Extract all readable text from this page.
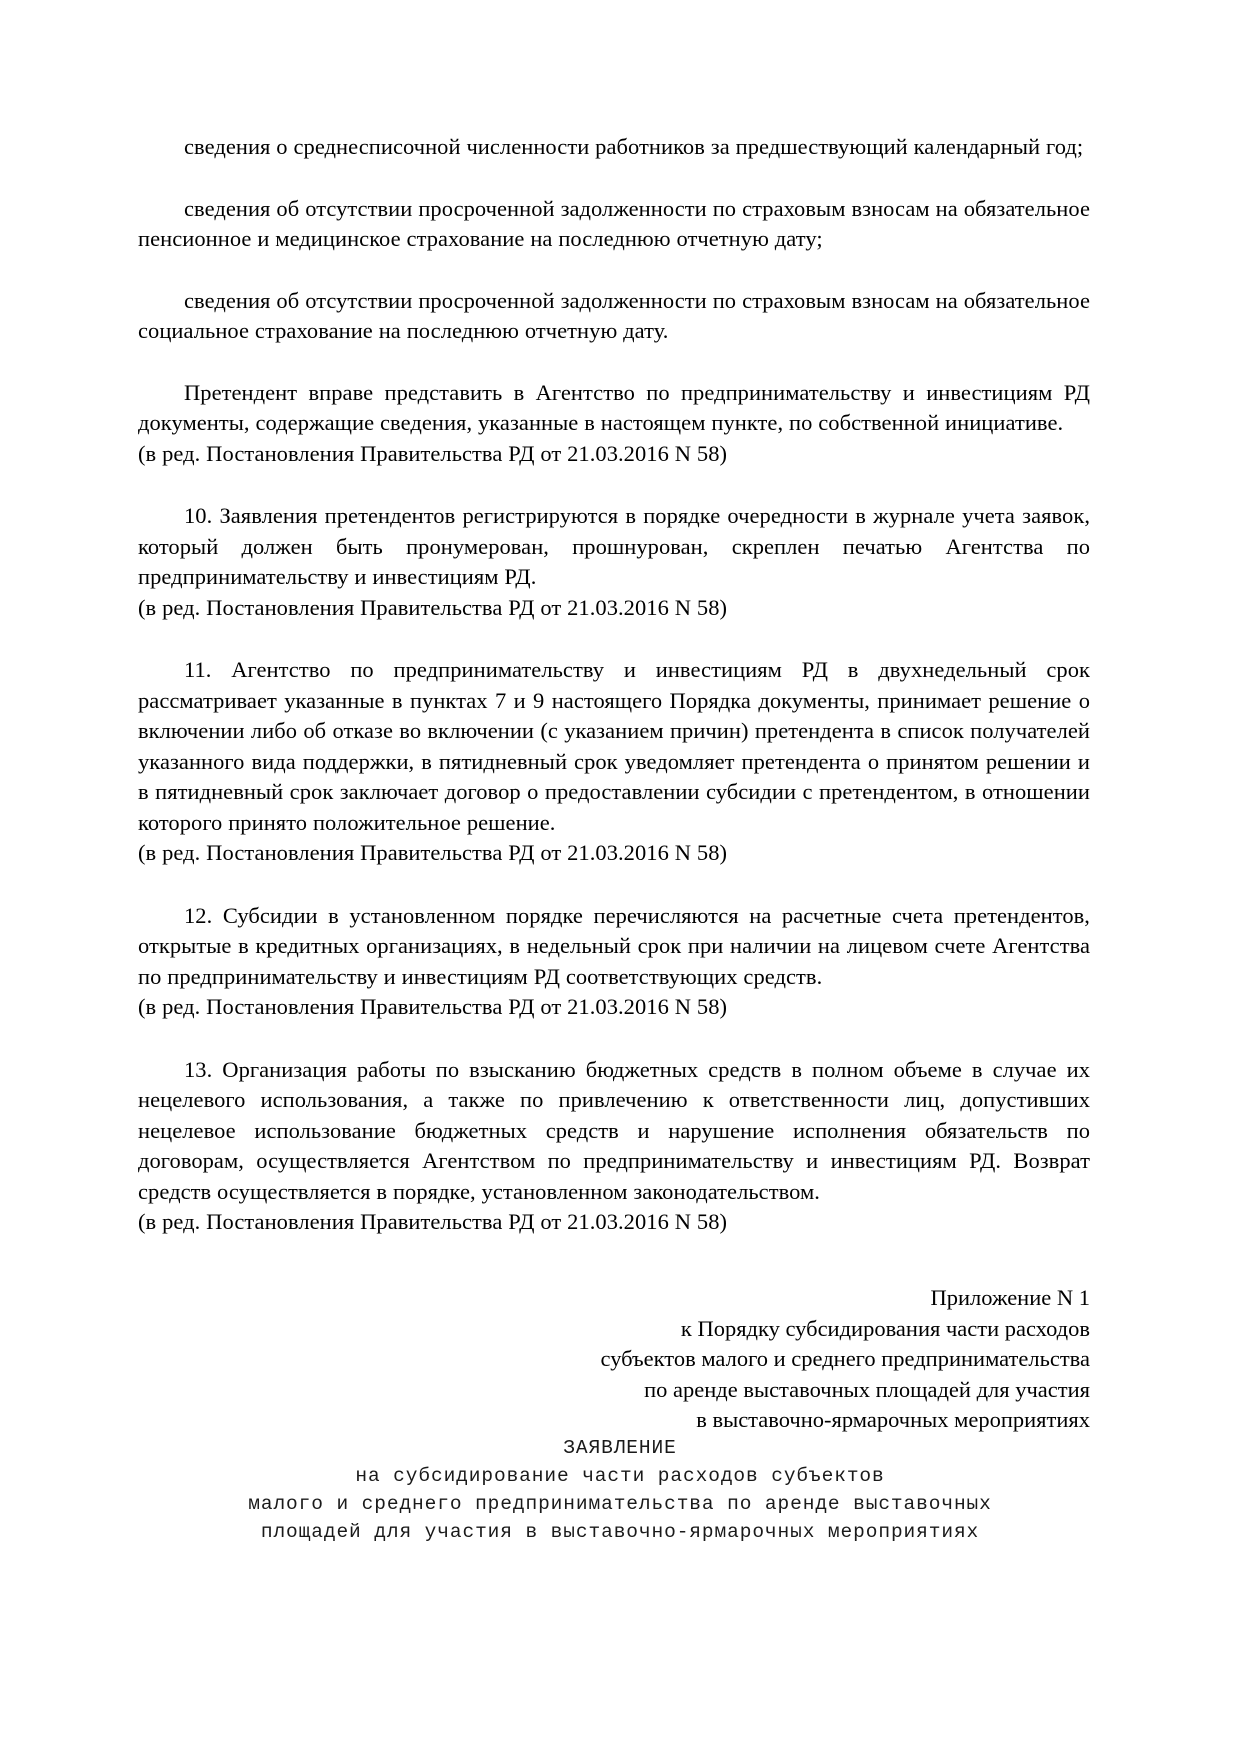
сведения о среднесписочной численности работников за предшествующий календарный год;

сведения об отсутствии просроченной задолженности по страховым взносам на обязательное пенсионное и медицинское страхование на последнюю отчетную дату;

сведения об отсутствии просроченной задолженности по страховым взносам на обязательное социальное страхование на последнюю отчетную дату.

Претендент вправе представить в Агентство по предпринимательству и инвестициям РД документы, содержащие сведения, указанные в настоящем пункте, по собственной инициативе.

(в ред. Постановления Правительства РД от 21.03.2016 N 58)

10. Заявления претендентов регистрируются в порядке очередности в журнале учета заявок, который должен быть пронумерован, прошнурован, скреплен печатью Агентства по предпринимательству и инвестициям РД.

(в ред. Постановления Правительства РД от 21.03.2016 N 58)

11. Агентство по предпринимательству и инвестициям РД в двухнедельный срок рассматривает указанные в пунктах 7 и 9 настоящего Порядка документы, принимает решение о включении либо об отказе во включении (с указанием причин) претендента в список получателей указанного вида поддержки, в пятидневный срок уведомляет претендента о принятом решении и в пятидневный срок заключает договор о предоставлении субсидии с претендентом, в отношении которого принято положительное решение.

(в ред. Постановления Правительства РД от 21.03.2016 N 58)

12. Субсидии в установленном порядке перечисляются на расчетные счета претендентов, открытые в кредитных организациях, в недельный срок при наличии на лицевом счете Агентства по предпринимательству и инвестициям РД соответствующих средств.

(в ред. Постановления Правительства РД от 21.03.2016 N 58)

13. Организация работы по взысканию бюджетных средств в полном объеме в случае их нецелевого использования, а также по привлечению к ответственности лиц, допустивших нецелевое использование бюджетных средств и нарушение исполнения обязательств по договорам, осуществляется Агентством по предпринимательству и инвестициям РД. Возврат средств осуществляется в порядке, установленном законодательством.

(в ред. Постановления Правительства РД от 21.03.2016 N 58)

Приложение N 1
к Порядку субсидирования части расходов
субъектов малого и среднего предпринимательства
по аренде выставочных площадей для участия
в выставочно-ярмарочных мероприятиях
ЗАЯВЛЕНИЕ
на субсидирование части расходов субъектов
малого и среднего предпринимательства по аренде выставочных
площадей для участия в выставочно-ярмарочных мероприятиях
